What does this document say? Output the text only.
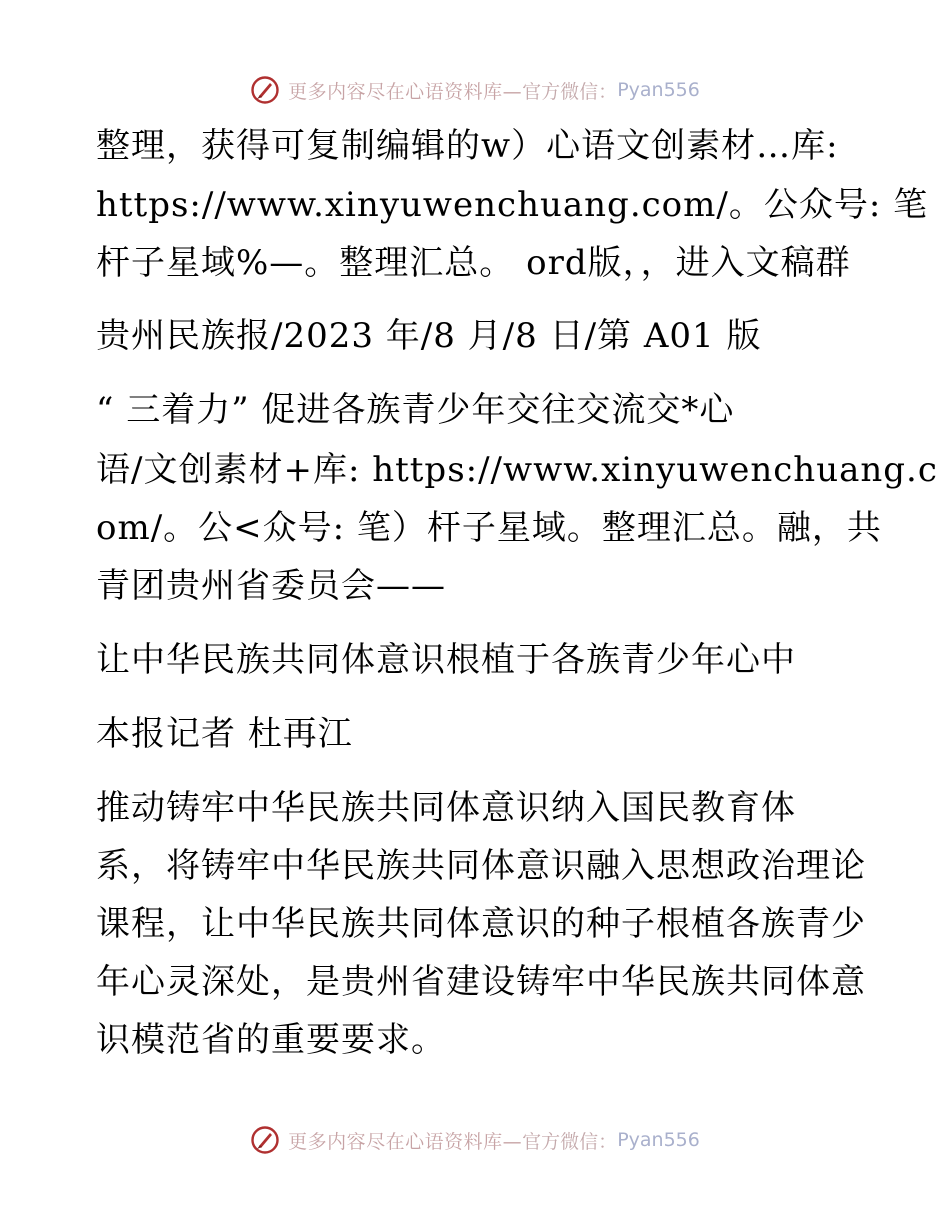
更多内容尽在心语资料库— 官方微信： Pyan556
整理，获得可复制编辑的w）心语文创素材…库:
https://www.xinyuwenchuang.com/。公众号: 笔
杆子星域%—。整理汇总。 ord版，，进入文稿群
贵州民族报/2023 年/8 月/8 日/第 A01 版
“ 三着力” 促进各族青少年交往交流交*心
语/文创素材+库: https://www.xinyuwenchuang.c
om/。公<众号: 笔）杆子星域。整理汇总。融，共
青团贵州省委员会——
让中华民族共同体意识根植于各族青少年心中
本报记者 杜再江
推动铸牢中华民族共同体意识纳入国民教育体
系，将铸牢中华民族共同体意识融入思想政治理论
课程，让中华民族共同体意识的种子根植各族青少
年心灵深处，是贵州省建设铸牢中华民族共同体意
识模范省的重要要求。
更多内容尽在心语资料库— 官方微信： Pyan556
